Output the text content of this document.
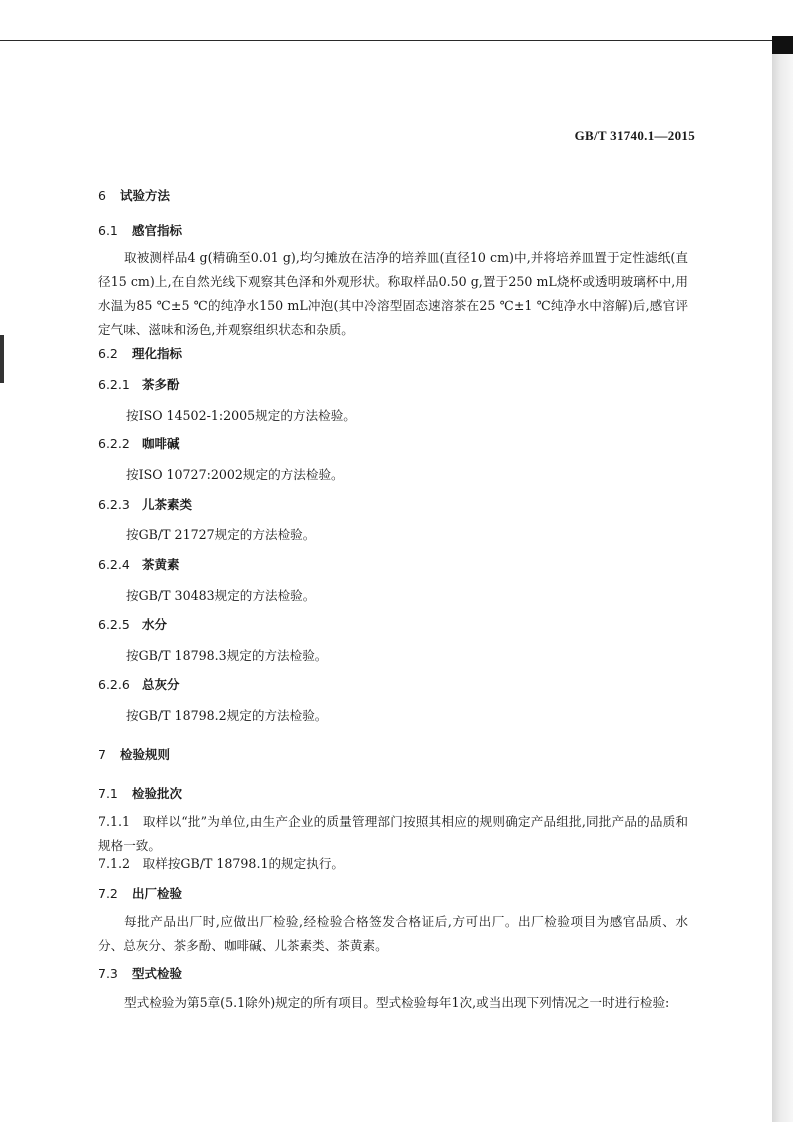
GB/T 31740.1—2015
6 试验方法
6.1 感官指标
取被测样品4 g(精确至0.01 g),均匀摊放在洁净的培养皿(直径10 cm)中,并将培养皿置于定性滤纸(直径15 cm)上,在自然光线下观察其色泽和外观形状。称取样品0.50 g,置于250 mL烧杯或透明玻璃杯中,用水温为85 ℃±5 ℃的纯净水150 mL冲泡(其中冷溶型固态速溶茶在25 ℃±1 ℃纯净水中溶解)后,感官评定气味、滋味和汤色,并观察组织状态和杂质。
6.2 理化指标
6.2.1 茶多酚
按ISO 14502-1:2005规定的方法检验。
6.2.2 咖啡碱
按ISO 10727:2002规定的方法检验。
6.2.3 儿茶素类
按GB/T 21727规定的方法检验。
6.2.4 茶黄素
按GB/T 30483规定的方法检验。
6.2.5 水分
按GB/T 18798.3规定的方法检验。
6.2.6 总灰分
按GB/T 18798.2规定的方法检验。
7 检验规则
7.1 检验批次
7.1.1　取样以“批”为单位,由生产企业的质量管理部门按照其相应的规则确定产品组批,同批产品的品质和规格一致。
7.1.2　取样按GB/T 18798.1的规定执行。
7.2 出厂检验
每批产品出厂时,应做出厂检验,经检验合格签发合格证后,方可出厂。出厂检验项目为感官品质、水分、总灰分、茶多酚、咖啡碱、儿茶素类、茶黄素。
7.3 型式检验
型式检验为第5章(5.1除外)规定的所有项目。型式检验每年1次,或当出现下列情况之一时进行检验:
